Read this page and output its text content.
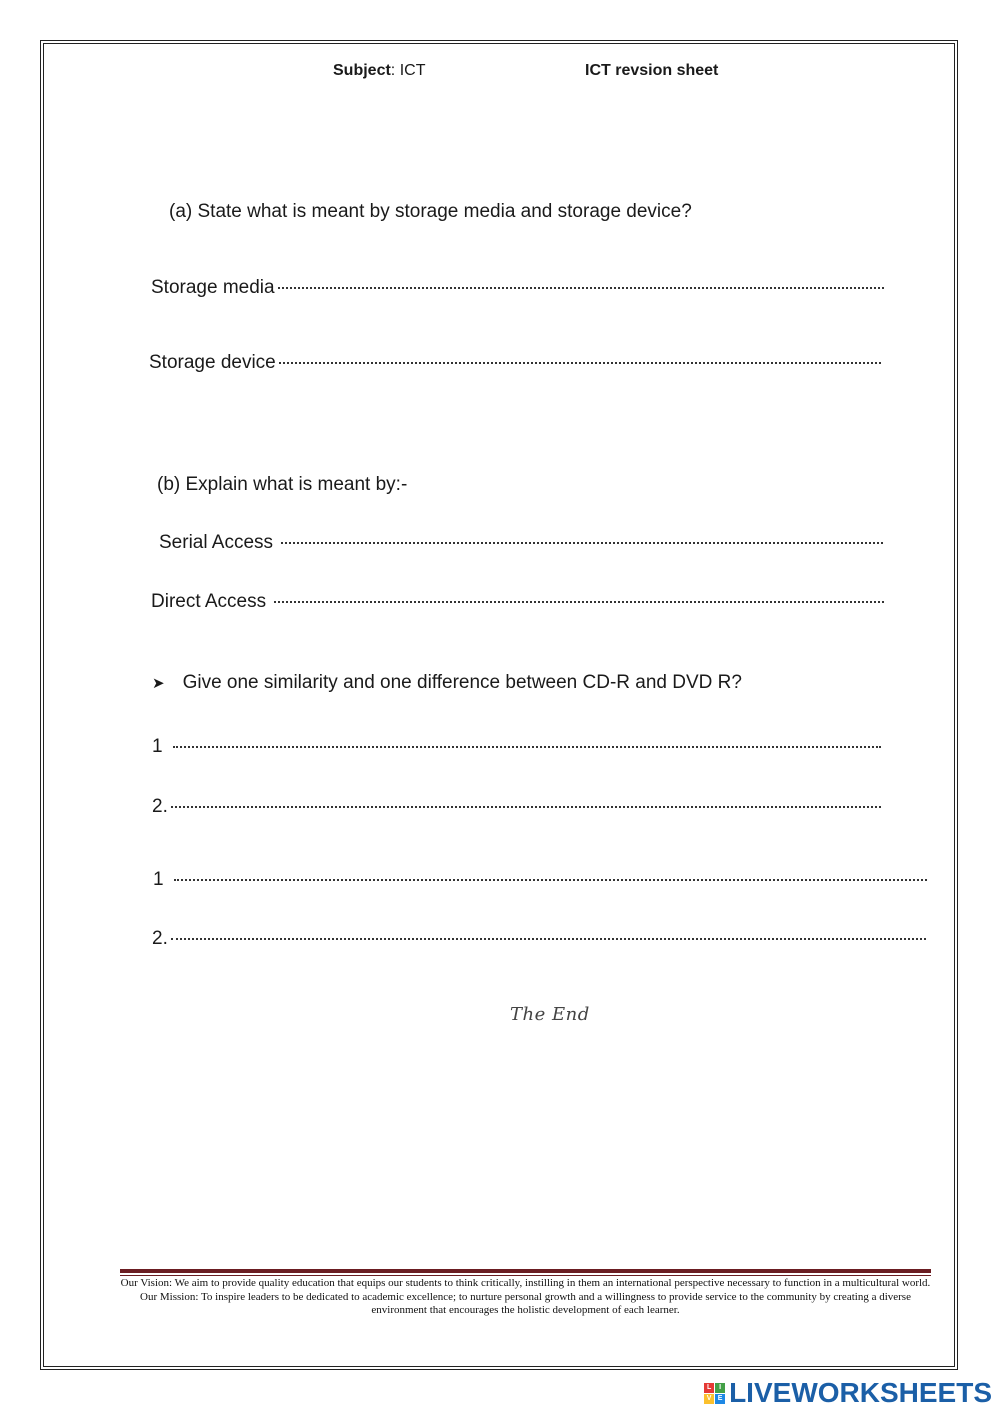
Subject: ICT	ICT revsion sheet
(a) State what is meant by storage media and storage device?
Storage media
Storage device
(b) Explain what is meant by:-
Serial Access
Direct Access
➤ Give one similarity and one difference between CD-R and DVD R?
1
2.
1
2.
The End

Our Vision: We aim to provide quality education that equips our students to think critically, instilling in them an international perspective necessary to function in a multicultural world.

Our Mission: To inspire leaders to be dedicated to academic excellence; to nurture personal growth and a willingness to provide service to the community by creating a diverse environment that encourages the holistic development of each learner.

L	I
V E LIVEWORKSHEETS
